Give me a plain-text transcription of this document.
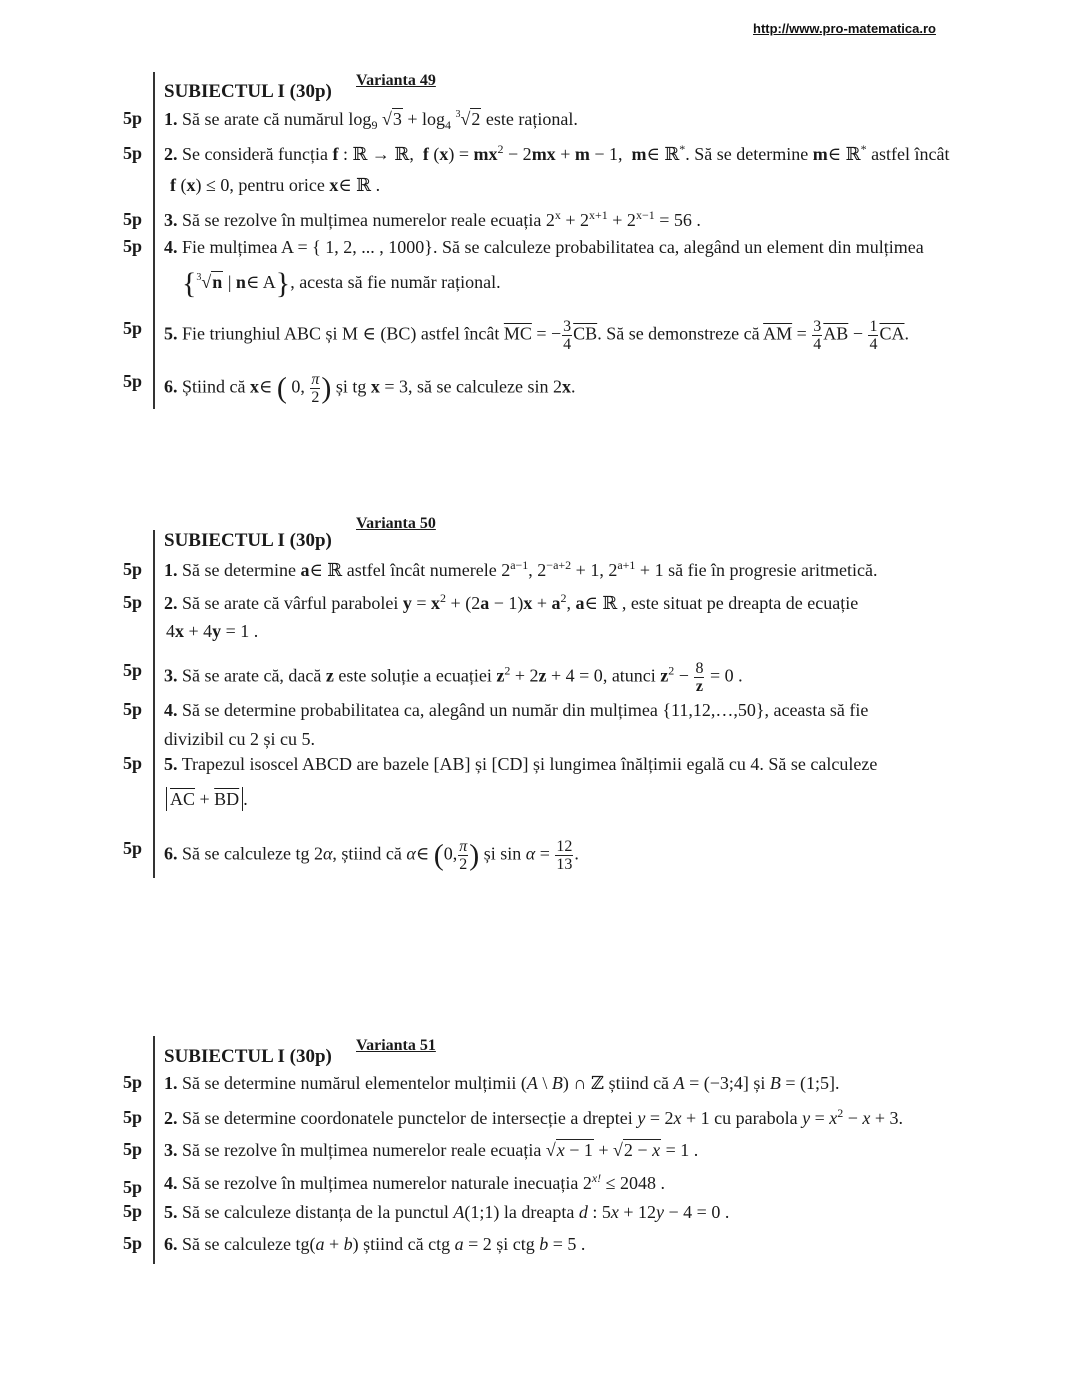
http://www.pro-matematica.ro
Varianta 49
SUBIECTUL I (30p)
5p 1. Să se arate că numărul $\log_9 √3 + \log_4 ^3√2$ este rațional.
5p 2. Se consideră funcția f : ℝ → ℝ,  f $(x) = mx^2 - 2mx + m - 1$,  m∈ ℝ*. Să se determine m∈ ℝ* astfel încât
f (x) ≤ 0, pentru orice x∈ ℝ .
5p 3. Să se rezolve în mulțimea numerelor reale ecuația $2^x + 2^{x+1} + 2^{x-1} = 56$ .
5p 4. Fie mulțimea A = { 1, 2, ... , 1000}. Să se calculeze probabilitatea ca, alegând un element din mulțimea
{$^3$√n | n∈ A}, acesta să fie număr rațional.
5p 5. Fie triunghiul ABC și M ∈ (BC) astfel încât $\overline{MC}$ = − $\frac{3}{4} \overline{CB}$. Să se demonstreze că $\overline{AM} = \frac{3}{4} \overline{AB} - \frac{1}{4} \overline{CA}$.
5p 6. Știind că x∈ ( 0, $\frac{\pi}{2}$ ) și tg x = 3, să se calculeze sin 2x.
Varianta 50
SUBIECTUL I (30p)
5p 1. Să se determine a∈ ℝ astfel încât numerele $2^{a-1}$, $2^{-a+2} + 1$, $2^{a+1} + 1$ să fie în progresie aritmetică.
5p 2. Să se arate că vârful parabolei $y = x^2 + (2a - 1)x + a^2$, a∈ ℝ , este situat pe dreapta de ecuație
4x + 4y = 1 .
5p 3. Să se arate că, dacă z este soluție a ecuației $z^2 + 2z + 4 = 0$, atunci $z^2 - \frac{8}{z} = 0$ .
5p 4. Să se determine probabilitatea ca, alegând un număr din mulțimea {11,12,…,50}, aceasta să fie
divizibil cu 2 și cu 5.
5p 5. Trapezul isoscel ABCD are bazele [AB] și [CD] și lungimea înălțimii egală cu 4. Să se calculeze
$\overline{AC} + \overline{BD}$ .
5p 6. Să se calculeze tg 2α, știind că α∈ (0, $\frac{\pi}{2}$ ) și $\sin \alpha = \frac{12}{13}$ .
Varianta 51
SUBIECTUL I (30p)
5p 1. Să se determine numărul elementelor mulțimii (A \ B) ∩ ℤ știind că A = (−3;4] și B = (1;5].
5p 2. Să se determine coordonatele punctelor de intersecție a dreptei y = 2x + 1 cu parabola $y = x^2 - x + 3$.
5p 3. Să se rezolve în mulțimea numerelor reale ecuația √x − 1 + √2 − x = 1 .
5p 4. Să se rezolve în mulțimea numerelor naturale inecuația $2^{x!} \le 2048$ .
5p 5. Să se calculeze distanța de la punctul A(1;1) la dreapta d : 5x + 12y − 4 = 0 .
5p 6. Să se calculeze tg(a + b) știind că ctg a = 2 și ctg b = 5 .
